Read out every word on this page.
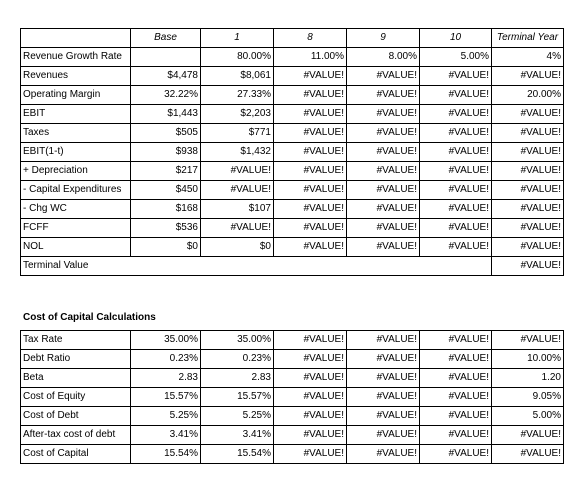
	Base	1	8	9	10	Terminal Year
Revenue Growth Rate		80.00%	11.00%	8.00%	5.00%	4%
Revenues	$4,478	$8,061	#VALUE!	#VALUE!	#VALUE!	#VALUE!
Operating Margin	32.22%	27.33%	#VALUE!	#VALUE!	#VALUE!	20.00%
EBIT	$1,443	$2,203	#VALUE!	#VALUE!	#VALUE!	#VALUE!
Taxes	$505	$771	#VALUE!	#VALUE!	#VALUE!	#VALUE!
EBIT(1-t)	$938	$1,432	#VALUE!	#VALUE!	#VALUE!	#VALUE!
+ Depreciation	$217	#VALUE!	#VALUE!	#VALUE!	#VALUE!	#VALUE!
- Capital Expenditures	$450	#VALUE!	#VALUE!	#VALUE!	#VALUE!	#VALUE!
- Chg WC	$168	$107	#VALUE!	#VALUE!	#VALUE!	#VALUE!
FCFF	$536	#VALUE!	#VALUE!	#VALUE!	#VALUE!	#VALUE!
NOL	$0	$0	#VALUE!	#VALUE!	#VALUE!	#VALUE!
Terminal Value						#VALUE!
Cost of Capital Calculations
Tax Rate	35.00%	35.00%	#VALUE!	#VALUE!	#VALUE!	#VALUE!
Debt Ratio	0.23%	0.23%	#VALUE!	#VALUE!	#VALUE!	10.00%
Beta	2.83	2.83	#VALUE!	#VALUE!	#VALUE!	1.20
Cost of Equity	15.57%	15.57%	#VALUE!	#VALUE!	#VALUE!	9.05%
Cost of Debt	5.25%	5.25%	#VALUE!	#VALUE!	#VALUE!	5.00%
After-tax cost of debt	3.41%	3.41%	#VALUE!	#VALUE!	#VALUE!	#VALUE!
Cost of Capital	15.54%	15.54%	#VALUE!	#VALUE!	#VALUE!	#VALUE!
